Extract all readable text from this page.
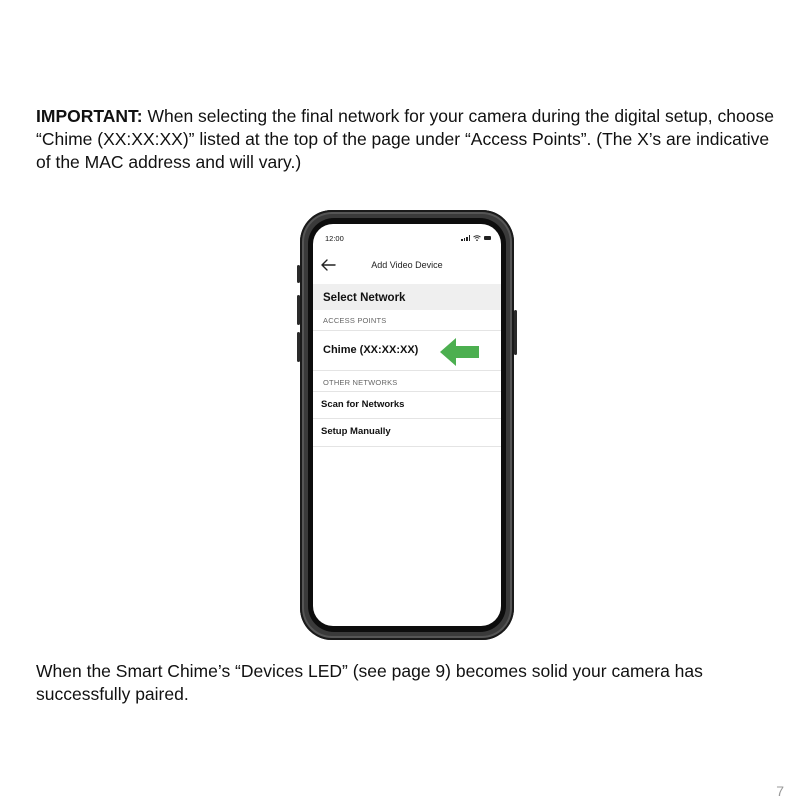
IMPORTANT: When selecting the final network for your camera during the digital setup, choose “Chime (XX:XX:XX)” listed at the top of the page under “Access Points”. (The X’s are indicative of the MAC address and will vary.)

12:00
Add Video Device
Select Network
ACCESS POINTS
Chime (XX:XX:XX)
OTHER NETWORKS
Scan for Networks
Setup Manually

When the Smart Chime’s “Devices LED” (see page 9) becomes solid your camera has successfully paired.

7
